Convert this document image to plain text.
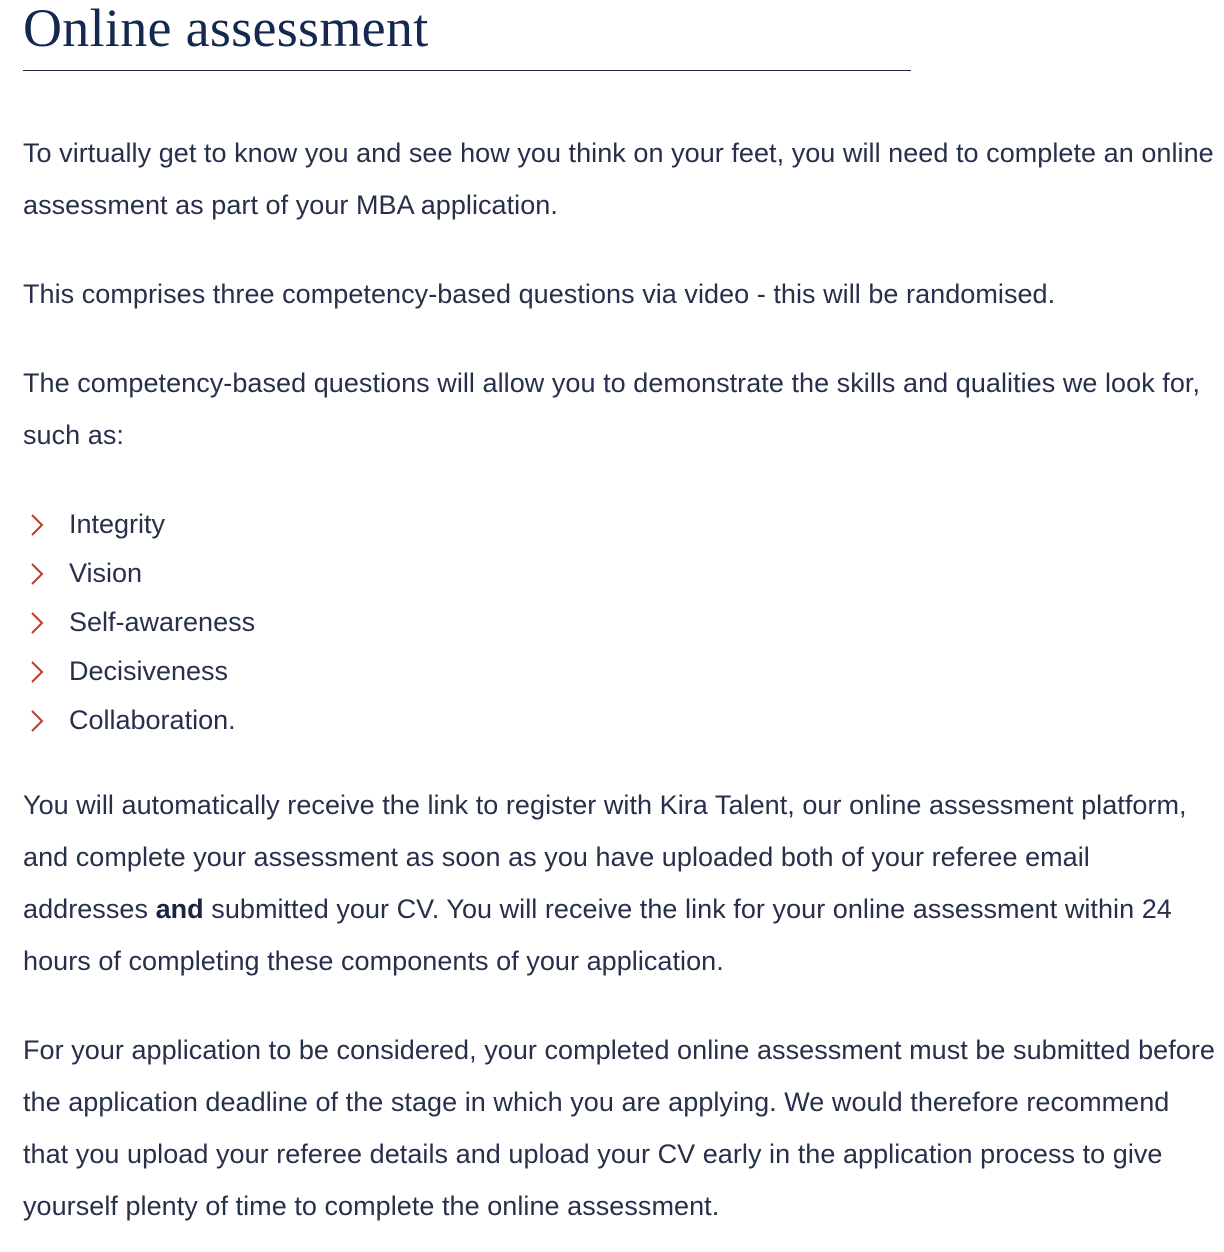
Online assessment

To virtually get to know you and see how you think on your feet, you will need to complete an online assessment as part of your MBA application.

This comprises three competency-based questions via video - this will be randomised.

The competency-based questions will allow you to demonstrate the skills and qualities we look for, such as:

Integrity
Vision
Self-awareness
Decisiveness
Collaboration.

You will automatically receive the link to register with Kira Talent, our online assessment platform, and complete your assessment as soon as you have uploaded both of your referee email addresses and submitted your CV. You will receive the link for your online assessment within 24 hours of completing these components of your application.

For your application to be considered, your completed online assessment must be submitted before the application deadline of the stage in which you are applying. We would therefore recommend that you upload your referee details and upload your CV early in the application process to give yourself plenty of time to complete the online assessment.
